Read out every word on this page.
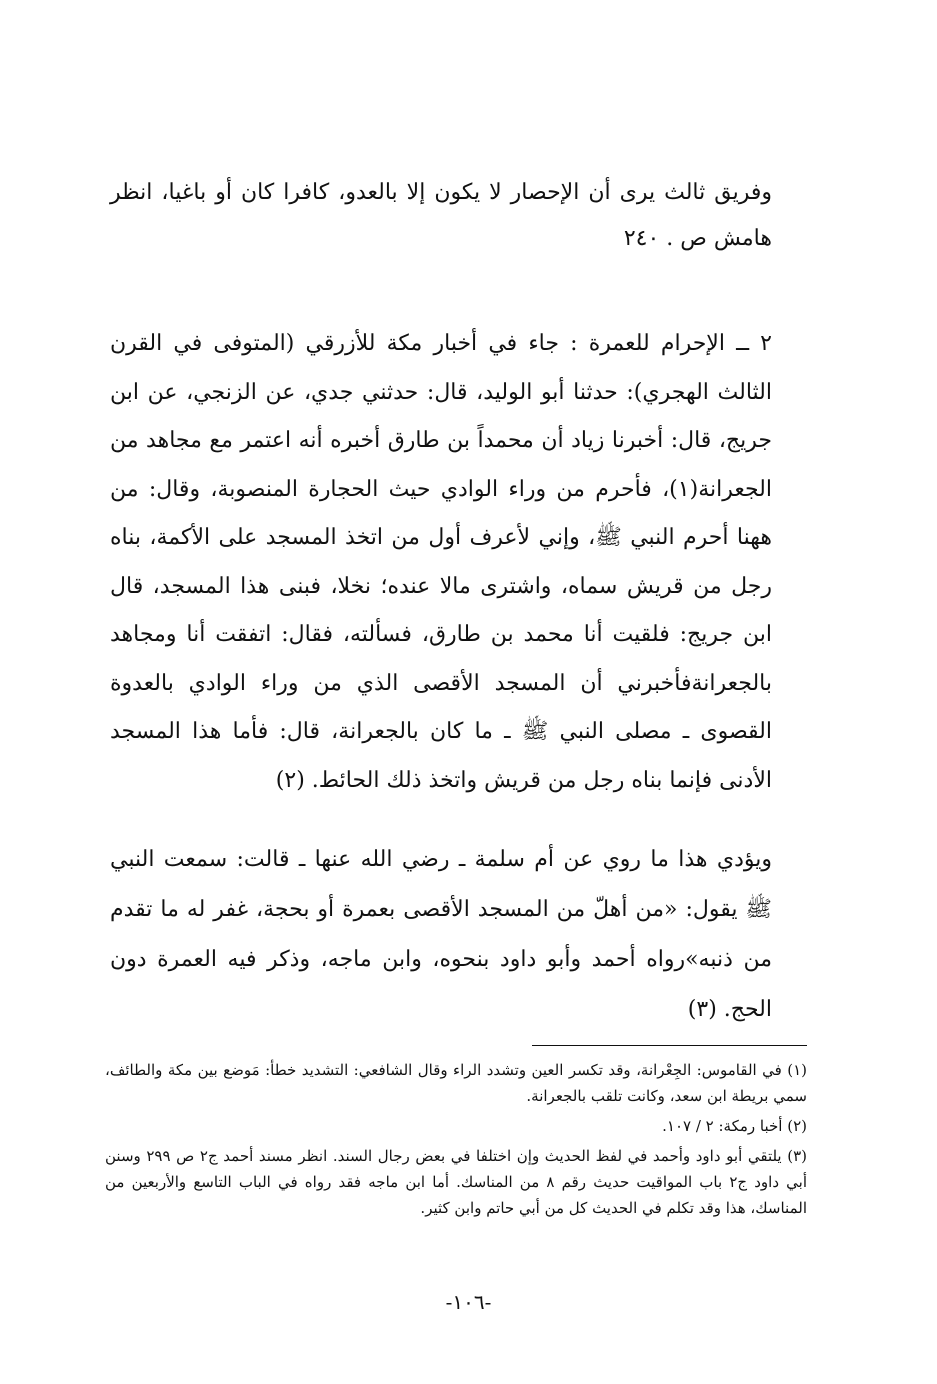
وفريق ثالث يرى أن الإحصار لا يكون إلا بالعدو، كافرا كان أو باغيا، انظر هامش ص . ٢٤٠

٢ ــ الإحرام للعمرة : جاء في أخبار مكة للأزرقي (المتوفى في القرن الثالث الهجري): حدثنا أبو الوليد، قال: حدثني جدي، عن الزنجي، عن ابن جريج، قال: أخبرنا زياد أن محمداً بن طارق أخبره أنه اعتمر مع مجاهد من الجعرانة(١)، فأحرم من وراء الوادي حيث الحجارة المنصوبة، وقال: من ههنا أحرم النبي ﷺ، وإني لأعرف أول من اتخذ المسجد على الأكمة، بناه رجل من قريش سماه، واشترى مالا عنده؛ نخلا، فبنى هذا المسجد، قال ابن جريج: فلقيت أنا محمد بن طارق، فسألته، فقال: اتفقت أنا ومجاهد بالجعرانةفأخبرني أن المسجد الأقصى الذي من وراء الوادي بالعدوة القصوى ـ مصلى النبي ﷺ ـ ما كان بالجعرانة، قال: فأما هذا المسجد الأدنى فإنما بناه رجل من قريش واتخذ ذلك الحائط. (٢)

ويؤدي هذا ما روي عن أم سلمة ـ رضي الله عنها ـ قالت: سمعت النبي ﷺ يقول: «من أهلّ من المسجد الأقصى بعمرة أو بحجة، غفر له ما تقدم من ذنبه»رواه أحمد وأبو داود بنحوه، وابن ماجه، وذكر فيه العمرة دون الحج. (٣)

(١) في القاموس: الجِعْرانة، وقد تكسر العين وتشدد الراء وقال الشافعي: التشديد خطأ: مَوضع بين مكة والطائف، سمي بريطة ابن سعد، وكانت تلقب بالجعرانة.

(٢) أخبا رمكة: ٢ / ١٠٧.

(٣) يلتقي أبو داود وأحمد في لفظ الحديث وإن اختلفا في بعض رجال السند. انظر مسند أحمد ج٢ ص ٢٩٩ وسنن أبي داود ج٢ باب المواقيت حديث رقم ٨ من المناسك. أما ابن ماجه فقد رواه في الباب التاسع والأربعين من المناسك، هذا وقد تكلم في الحديث كل من أبي حاتم وابن كثير.

-١٠٦-
